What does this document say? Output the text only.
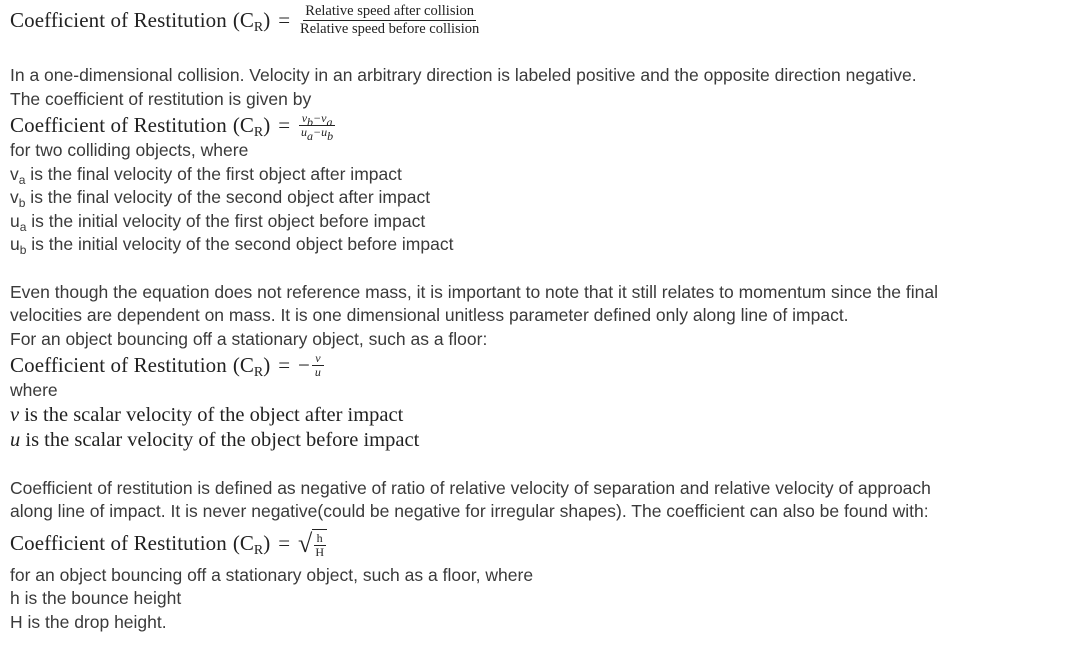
Coefficient of Restitution $(CR) = \frac{\text{Relative speed after collision}}{\text{Relative speed before collision}}$
In a one-dimensional collision. Velocity in an arbitrary direction is labeled positive and the opposite direction negative.
The coefficient of restitution is given by
Coefficient of Restitution $(CR) = \frac{v_b-v_a}{u_a-u_b}$
for two colliding objects, where
$v_a$ is the final velocity of the first object after impact
$v_b$ is the final velocity of the second object after impact
$u_a$ is the initial velocity of the first object before impact
$u_b$ is the initial velocity of the second object before impact
Even though the equation does not reference mass, it is important to note that it still relates to momentum since the final
velocities are dependent on mass. It is one dimensional unitless parameter defined only along line of impact.
For an object bouncing off a stationary object, such as a floor:
Coefficient of Restitution (CR) = − $\frac{v}{u}$
where
v is the scalar velocity of the object after impact
u is the scalar velocity of the object before impact
Coefficient of restitution is defined as negative of ratio of relative velocity of separation and relative velocity of approach
along line of impact. It is never negative(could be negative for irregular shapes). The coefficient can also be found with:
Coefficient of Restitution (CR) = √ $\frac{h}{H}$
for an object bouncing off a stationary object, such as a floor, where
h is the bounce height
H is the drop height.
